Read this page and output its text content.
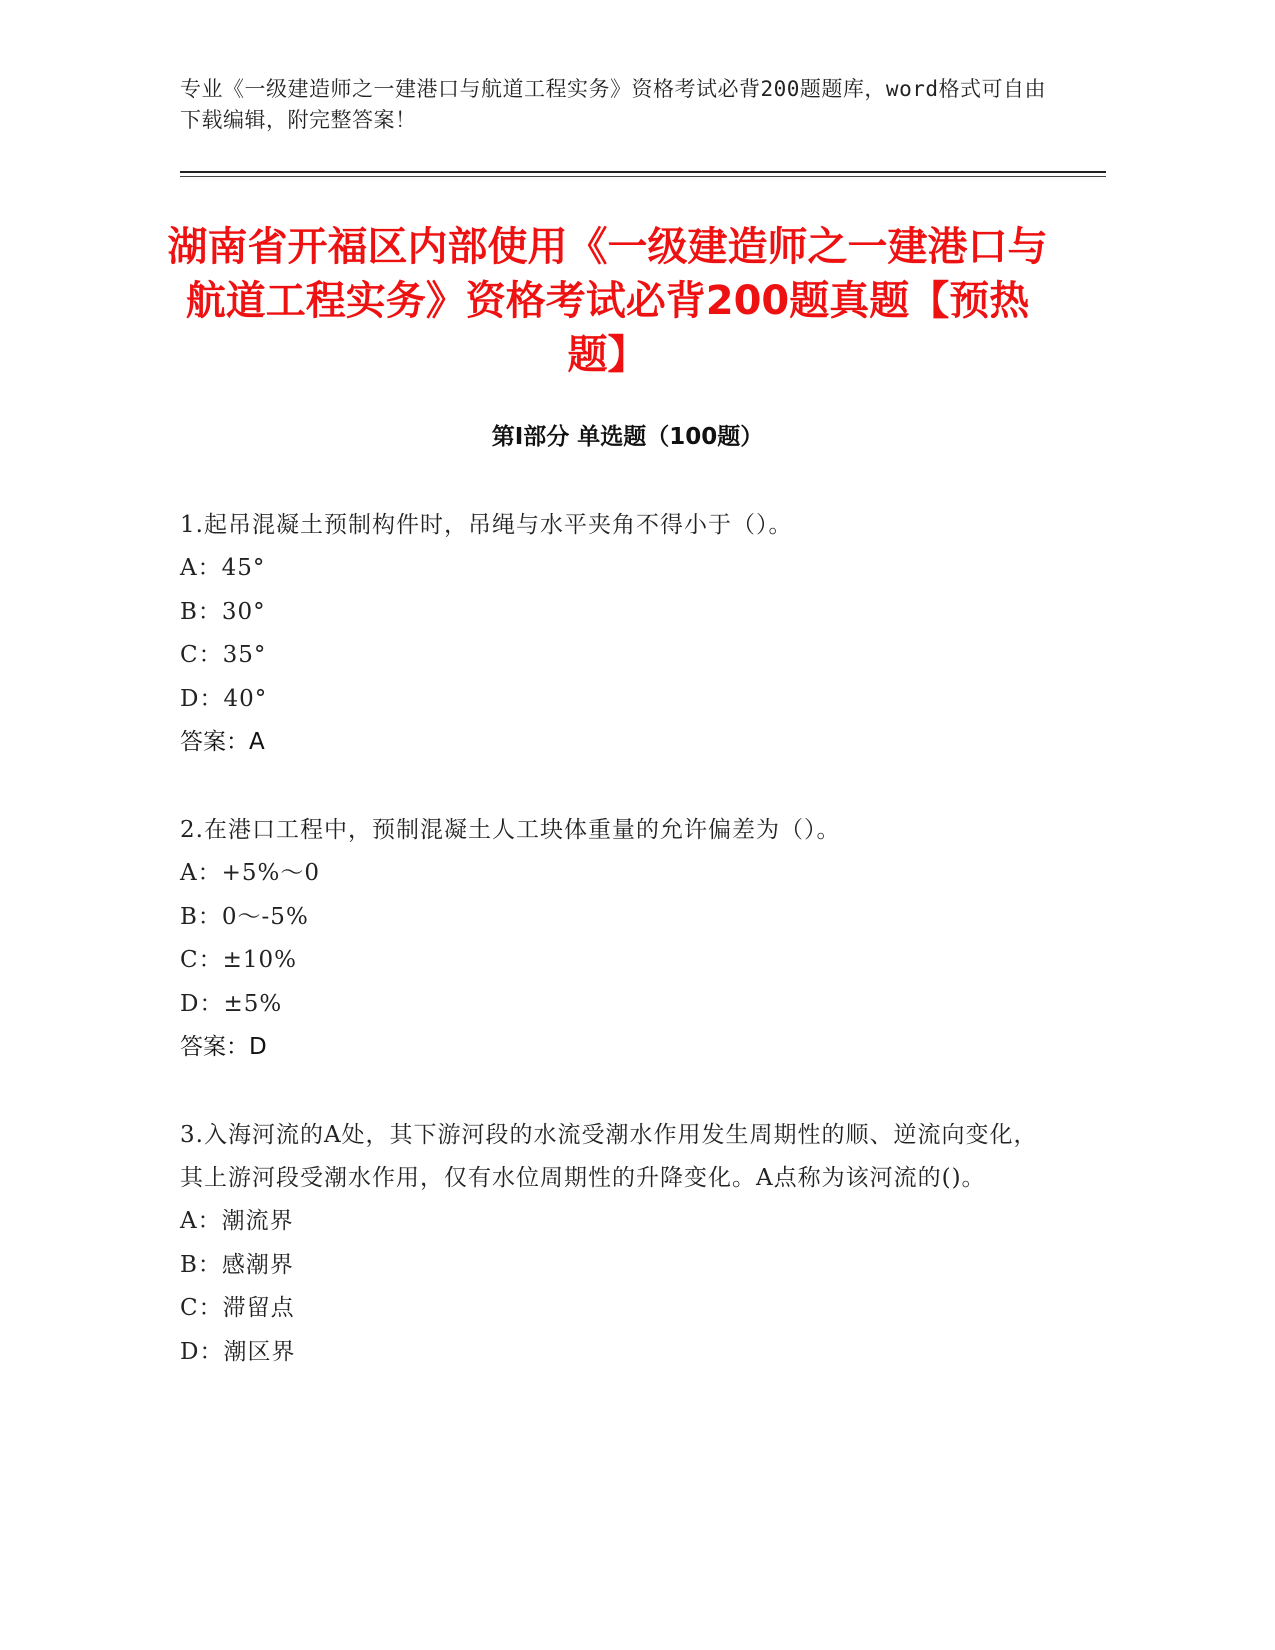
专业《一级建造师之一建港口与航道工程实务》资格考试必背200题题库，word格式可自由下载编辑，附完整答案！
湖南省开福区内部使用《一级建造师之一建港口与航道工程实务》资格考试必背200题真题【预热题】
第I部分 单选题（100题）

1.起吊混凝土预制构件时，吊绳与水平夹角不得小于（）。

A：45°

B：30°

C：35°

D：40°

答案：A

2.在港口工程中，预制混凝土人工块体重量的允许偏差为（）。

A：+5%～0

B：0～-5%

C：±10%

D：±5%

答案：D

3.入海河流的A处，其下游河段的水流受潮水作用发生周期性的顺、逆流向变化，其上游河段受潮水作用，仅有水位周期性的升降变化。A点称为该河流的()。

A：潮流界

B：感潮界

C：滞留点

D：潮区界
